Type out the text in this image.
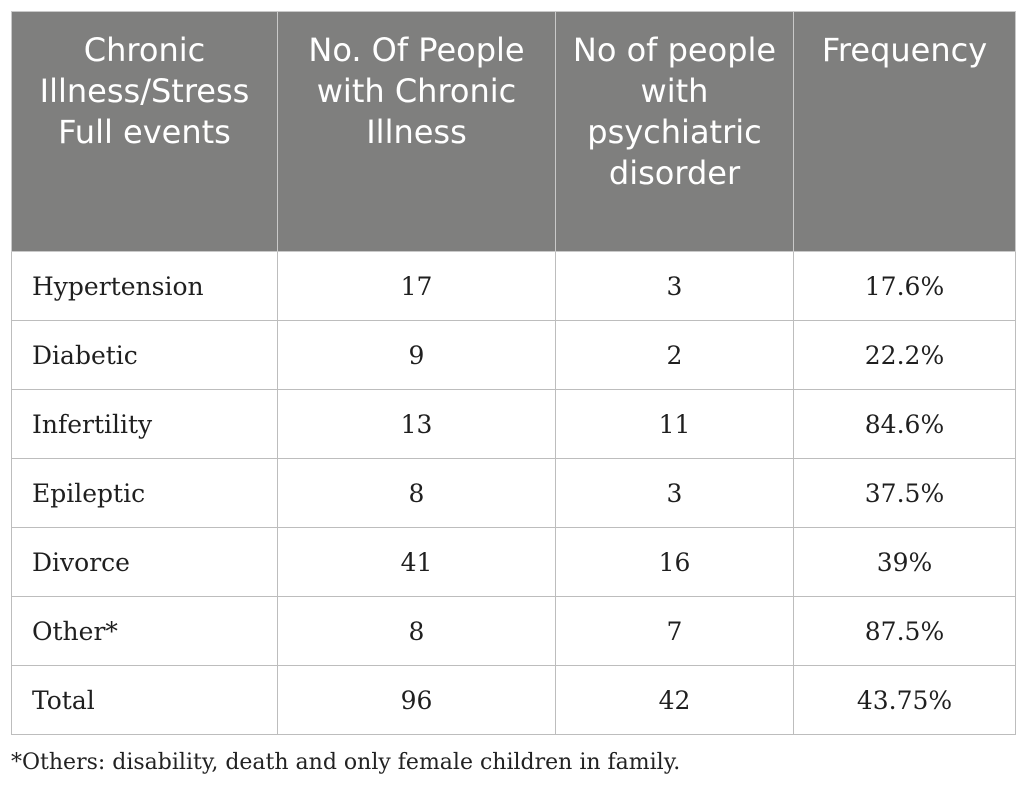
Chronic Illness/Stress Full events	No. Of People with Chronic Illness	No of people with psychiatric disorder	Frequency
Hypertension	17	3	17.6%
Diabetic	9	2	22.2%
Infertility	13	11	84.6%
Epileptic	8	3	37.5%
Divorce	41	16	39%
Other*	8	7	87.5%
Total	96	42	43.75%
*Others: disability, death and only female children in family.
